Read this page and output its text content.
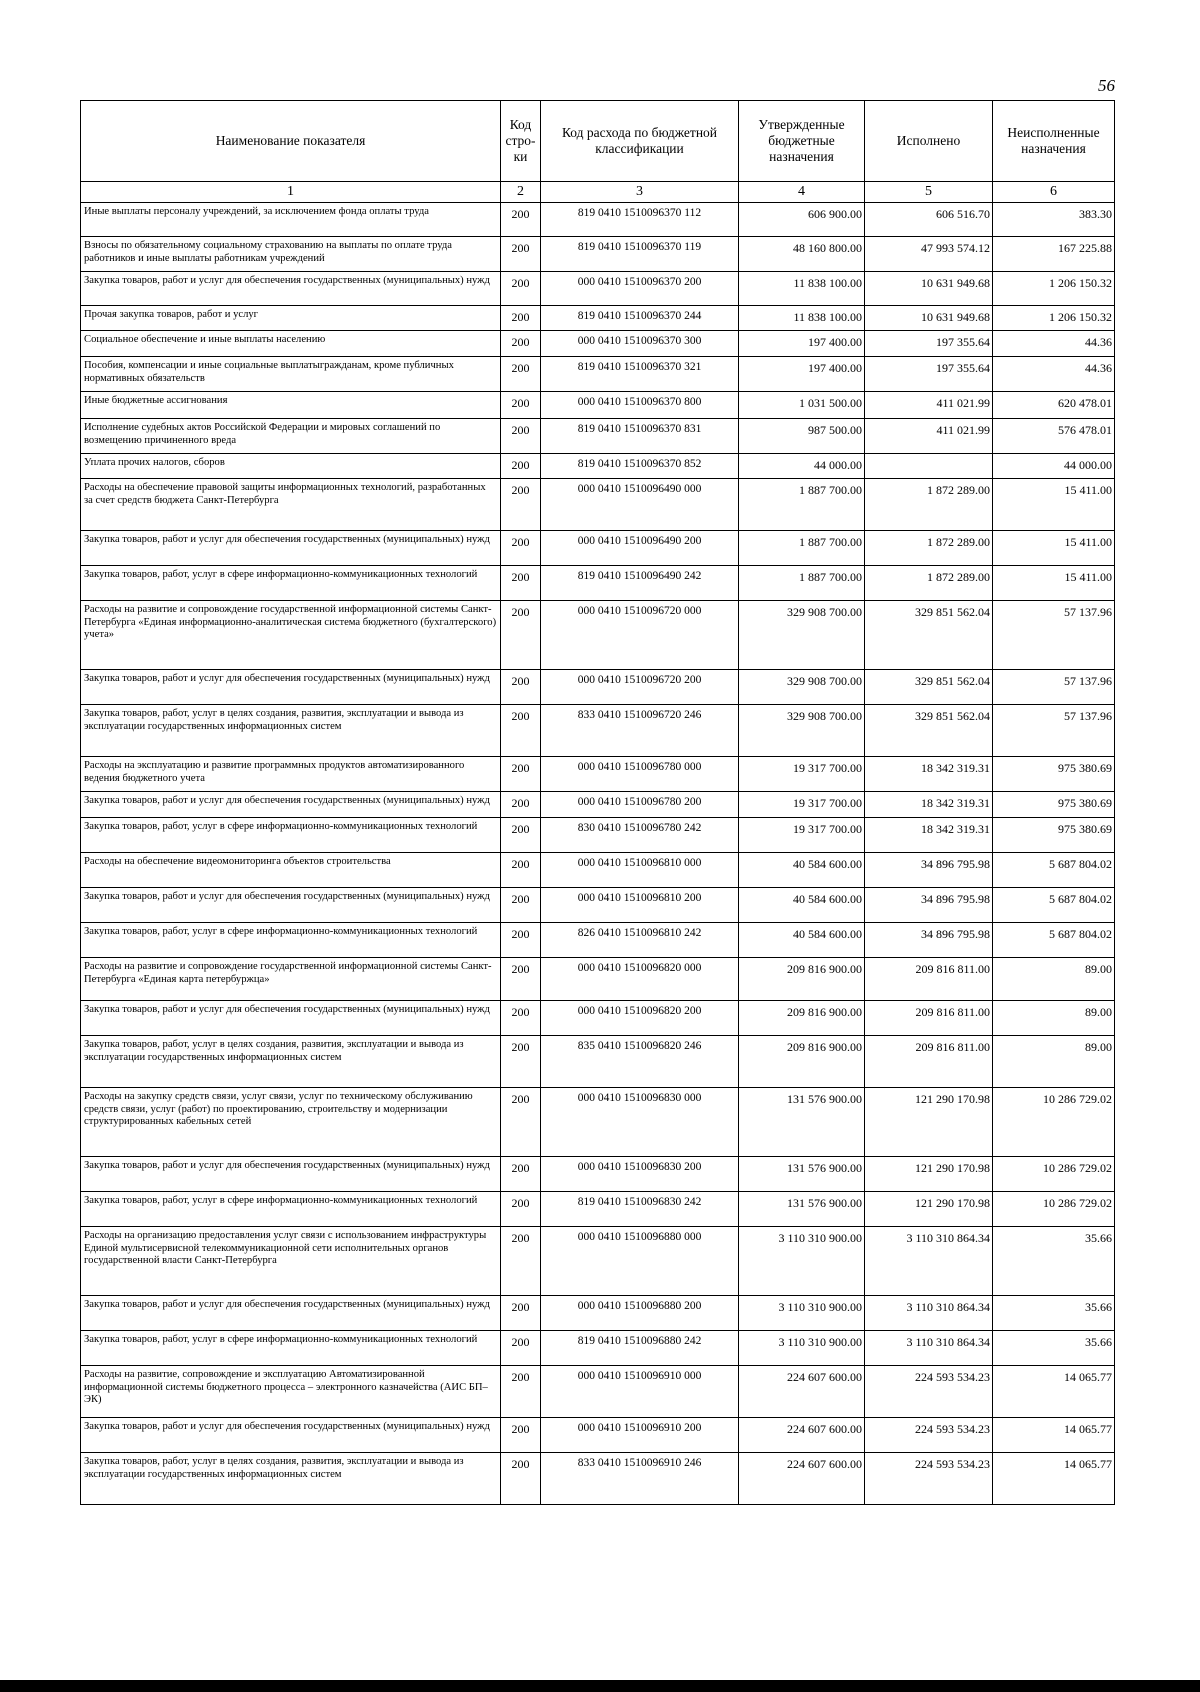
56
Наименование показателя	Код стро-ки	Код расхода по бюджетной классификации	Утвержденные бюджетные назначения	Исполнено	Неисполненные назначения
1	2	3	4	5	6
Иные выплаты персоналу учреждений, за исключением фонда оплаты труда	200	819 0410 1510096370 112	606 900.00	606 516.70	383.30
Взносы по обязательному социальному страхованию на выплаты по оплате труда работников и иные выплаты работникам учреждений	200	819 0410 1510096370 119	48 160 800.00	47 993 574.12	167 225.88
Закупка товаров, работ и услуг для обеспечения государственных (муниципальных) нужд	200	000 0410 1510096370 200	11 838 100.00	10 631 949.68	1 206 150.32
Прочая закупка товаров, работ и услуг	200	819 0410 1510096370 244	11 838 100.00	10 631 949.68	1 206 150.32
Социальное обеспечение и иные выплаты населению	200	000 0410 1510096370 300	197 400.00	197 355.64	44.36
Пособия, компенсации и иные социальные выплатыгражданам, кроме публичных нормативных обязательств	200	819 0410 1510096370 321	197 400.00	197 355.64	44.36
Иные бюджетные ассигнования	200	000 0410 1510096370 800	1 031 500.00	411 021.99	620 478.01
Исполнение судебных актов Российской Федерации и мировых соглашений по возмещению причиненного вреда	200	819 0410 1510096370 831	987 500.00	411 021.99	576 478.01
Уплата прочих налогов, сборов	200	819 0410 1510096370 852	44 000.00		44 000.00
Расходы на обеспечение правовой защиты информационных технологий, разработанных за счет средств бюджета Санкт-Петербурга	200	000 0410 1510096490 000	1 887 700.00	1 872 289.00	15 411.00
Закупка товаров, работ и услуг для обеспечения государственных (муниципальных) нужд	200	000 0410 1510096490 200	1 887 700.00	1 872 289.00	15 411.00
Закупка товаров, работ, услуг в сфере информационно-коммуникационных технологий	200	819 0410 1510096490 242	1 887 700.00	1 872 289.00	15 411.00
Расходы на развитие и сопровождение государственной информационной системы Санкт-Петербурга «Единая информационно-аналитическая система бюджетного (бухгалтерского) учета»	200	000 0410 1510096720 000	329 908 700.00	329 851 562.04	57 137.96
Закупка товаров, работ и услуг для обеспечения государственных (муниципальных) нужд	200	000 0410 1510096720 200	329 908 700.00	329 851 562.04	57 137.96
Закупка товаров, работ, услуг в целях создания, развития, эксплуатации и вывода из эксплуатации государственных информационных систем	200	833 0410 1510096720 246	329 908 700.00	329 851 562.04	57 137.96
Расходы на эксплуатацию и развитие программных продуктов автоматизированного ведения бюджетного учета	200	000 0410 1510096780 000	19 317 700.00	18 342 319.31	975 380.69
Закупка товаров, работ и услуг для обеспечения государственных (муниципальных) нужд	200	000 0410 1510096780 200	19 317 700.00	18 342 319.31	975 380.69
Закупка товаров, работ, услуг в сфере информационно-коммуникационных технологий	200	830 0410 1510096780 242	19 317 700.00	18 342 319.31	975 380.69
Расходы на обеспечение видеомониторинга объектов строительства	200	000 0410 1510096810 000	40 584 600.00	34 896 795.98	5 687 804.02
Закупка товаров, работ и услуг для обеспечения государственных (муниципальных) нужд	200	000 0410 1510096810 200	40 584 600.00	34 896 795.98	5 687 804.02
Закупка товаров, работ, услуг в сфере информационно-коммуникационных технологий	200	826 0410 1510096810 242	40 584 600.00	34 896 795.98	5 687 804.02
Расходы на развитие и сопровождение государственной информационной системы Санкт-Петербурга «Единая карта петербуржца»	200	000 0410 1510096820 000	209 816 900.00	209 816 811.00	89.00
Закупка товаров, работ и услуг для обеспечения государственных (муниципальных) нужд	200	000 0410 1510096820 200	209 816 900.00	209 816 811.00	89.00
Закупка товаров, работ, услуг в целях создания, развития, эксплуатации и вывода из эксплуатации государственных информационных систем	200	835 0410 1510096820 246	209 816 900.00	209 816 811.00	89.00
Расходы на закупку средств связи, услуг связи, услуг по техническому обслуживанию средств связи, услуг (работ) по проектированию, строительству и модернизации структурированных кабельных сетей	200	000 0410 1510096830 000	131 576 900.00	121 290 170.98	10 286 729.02
Закупка товаров, работ и услуг для обеспечения государственных (муниципальных) нужд	200	000 0410 1510096830 200	131 576 900.00	121 290 170.98	10 286 729.02
Закупка товаров, работ, услуг в сфере информационно-коммуникационных технологий	200	819 0410 1510096830 242	131 576 900.00	121 290 170.98	10 286 729.02
Расходы на организацию предоставления услуг связи с использованием инфраструктуры Единой мультисервисной телекоммуникационной сети исполнительных органов государственной власти Санкт-Петербурга	200	000 0410 1510096880 000	3 110 310 900.00	3 110 310 864.34	35.66
Закупка товаров, работ и услуг для обеспечения государственных (муниципальных) нужд	200	000 0410 1510096880 200	3 110 310 900.00	3 110 310 864.34	35.66
Закупка товаров, работ, услуг в сфере информационно-коммуникационных технологий	200	819 0410 1510096880 242	3 110 310 900.00	3 110 310 864.34	35.66
Расходы на развитие, сопровождение и эксплуатацию Автоматизированной информационной системы бюджетного процесса – электронного казначейства (АИС БП–ЭК)	200	000 0410 1510096910 000	224 607 600.00	224 593 534.23	14 065.77
Закупка товаров, работ и услуг для обеспечения государственных (муниципальных) нужд	200	000 0410 1510096910 200	224 607 600.00	224 593 534.23	14 065.77
Закупка товаров, работ, услуг в целях создания, развития, эксплуатации и вывода из эксплуатации государственных информационных систем	200	833 0410 1510096910 246	224 607 600.00	224 593 534.23	14 065.77
